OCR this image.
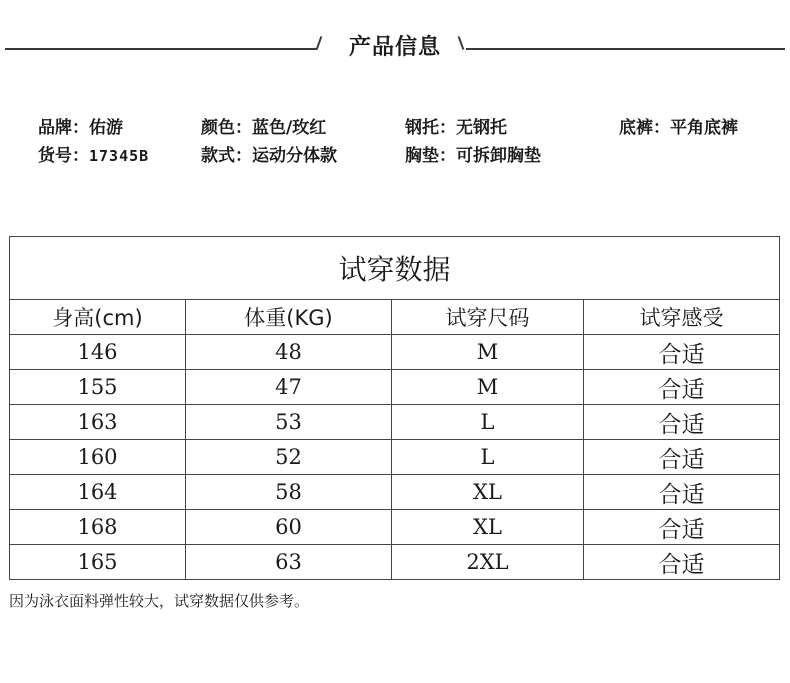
产品信息
品牌：佑游
货号：17345B
颜色：蓝色/玫红
款式：运动分体款
钢托：无钢托
胸垫：可拆卸胸垫
底裤：平角底裤
试穿数据			
身高(cm)	体重(KG)	试穿尺码	试穿感受
146	48	M	合适
155	47	M	合适
163	53	L	合适
160	52	L	合适
164	58	XL	合适
168	60	XL	合适
165	63	2XL	合适
因为泳衣面料弹性较大，试穿数据仅供参考。
